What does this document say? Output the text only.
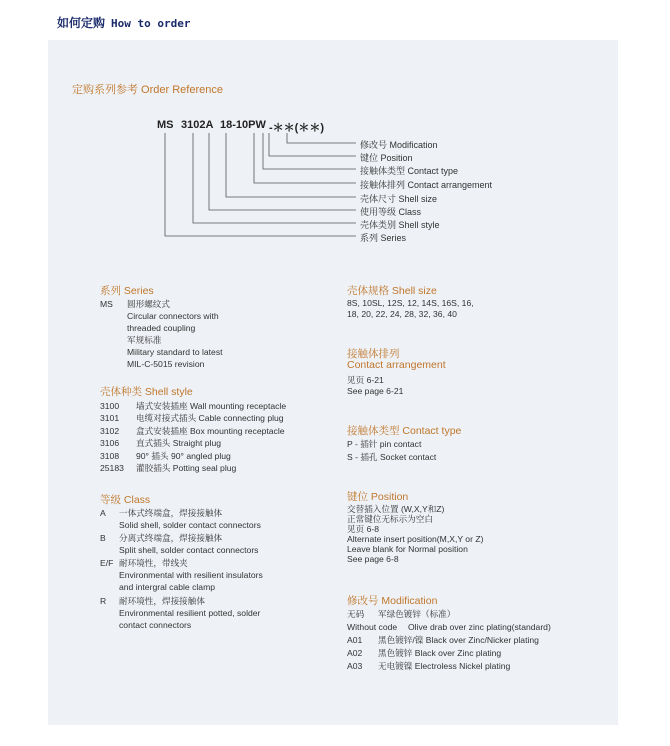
如何定购 How to order
定购系列参考 Order Reference
MS 3102A 18-10PW -＊＊(＊＊)
修改号 Modification
键位 Position
接触体类型 Contact type
接触体排列 Contact arrangement
壳体尺寸 Shell size
使用等级 Class
壳体类别 Shell style
系列 Series
系列 Series
MS 圆形螺纹式
Circular connectors with
threaded coupling
军规标准
Military standard to latest
MIL-C-5015 revision
壳体种类 Shell style
3100 墙式安装插座 Wall mounting receptacle
3101 电缆对接式插头 Cable connecting plug
3102 盒式安装插座 Box mounting receptacle
3106 直式插头 Straight plug
3108 90° 插头 90° angled plug
25183 灌胶插头 Potting seal plug
等级 Class
A 一体式终端盒，焊接接触体
Solid shell, solder contact connectors
B 分离式终端盒，焊接接触体
Split shell, solder contact connectors
E/F 耐环境性，带线夹
Environmental with resilient insulators
and intergral cable clamp
R 耐环境性，焊接接触体
Environmental resilient potted, solder
contact connectors
壳体规格 Shell size
8S, 10SL, 12S, 12, 14S, 16S, 16,
18, 20, 22, 24, 28, 32, 36, 40
接触体排列
Contact arrangement
见页 6-21
See page 6-21
接触体类型 Contact type
P - 插针 pin contact
S - 插孔 Socket contact
键位 Position
交替插入位置 (W,X,Y和Z)
正常键位无标示为空白
见页 6-8
Alternate insert position(M,X,Y or Z)
Leave blank for Normal position
See page 6-8
修改号 Modification
无码 军绿色镀锌（标准）
Without code Olive drab over zinc plating(standard)
A01 黑色镀锌/镍 Black over Zinc/Nicker plating
A02 黑色镀锌 Black over Zinc plating
A03 无电镀镍 Electroless Nickel plating
